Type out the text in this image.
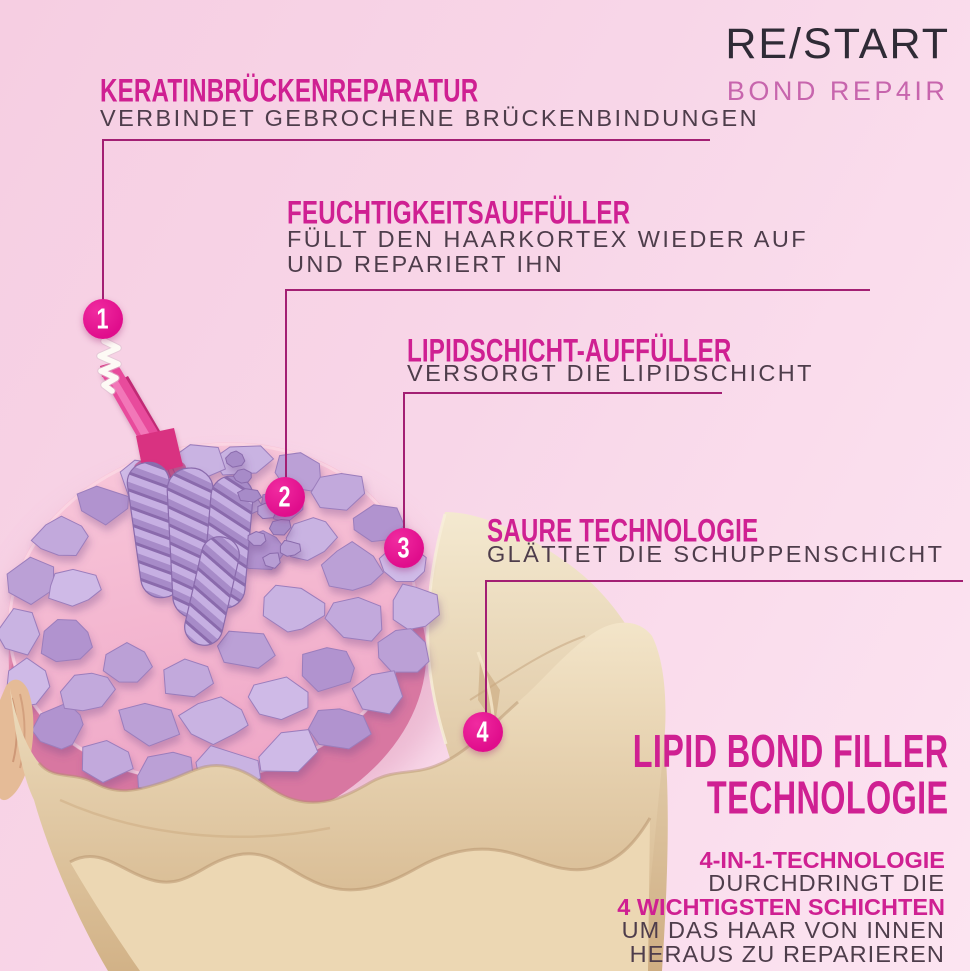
1
2
3
4
RE/START
BOND REP4IR
KERATINBRÜCKENREPARATUR
VERBINDET GEBROCHENE BRÜCKENBINDUNGEN
FEUCHTIGKEITSAUFFÜLLER
FÜLLT DEN HAARKORTEX WIEDER AUF
UND REPARIERT IHN
LIPIDSCHICHT-AUFFÜLLER
VERSORGT DIE LIPIDSCHICHT
SAURE TECHNOLOGIE
GLÄTTET DIE SCHUPPENSCHICHT
LIPID BOND FILLER
TECHNOLOGIE
4-IN-1-TECHNOLOGIE
DURCHDRINGT DIE
4 WICHTIGSTEN SCHICHTEN
UM DAS HAAR VON INNEN
HERAUS ZU REPARIEREN
